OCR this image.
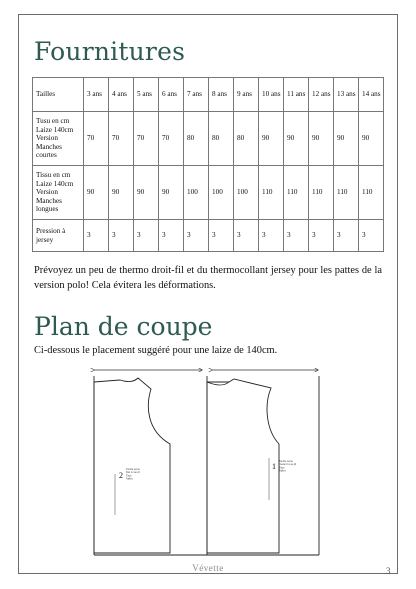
Fournitures
Tailles	3 ans	4 ans	5 ans	6 ans	7 ans	8 ans	9 ans	10 ans	11 ans	12 ans	13 ans	14 ans
Tusu en cm Laize 140cm Version Manches courtes	70	70	70	70	80	80	80	90	90	90	90	90
Tissu en cm Laize 140cm Version Manches longues	90	90	90	90	100	100	100	110	110	110	110	110
Pression à jersey	3	3	3	3	3	3	3	3	3	3	3	3

Prévoyez un peu de thermo droit-fil et du thermocollant jersey pour les pattes de la version polo! Cela évitera les déformations.

Plan de coupe

Ci-dessous le placement suggéré pour une laize de 140cm.

2
Tourtle Lente Dos 1x au pli Tissu Tailles
1
Tourtle Lente Devant 1x au pli Tissu Tailles
Vévette	3
